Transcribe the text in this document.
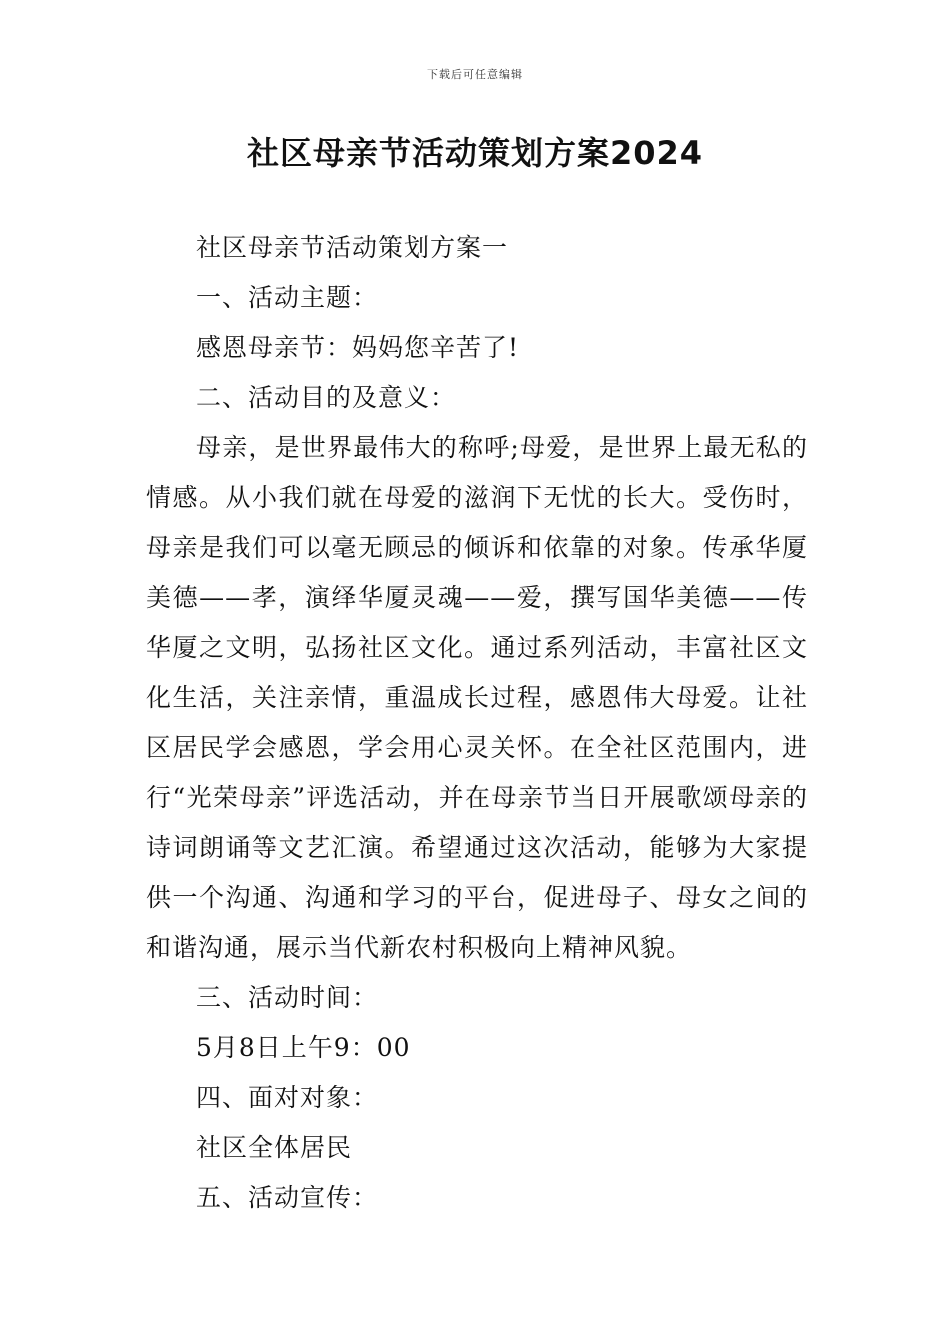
下载后可任意编辑
社区母亲节活动策划方案2024
社区母亲节活动策划方案一
一、活动主题：
感恩母亲节：妈妈您辛苦了!
二、活动目的及意义：

母亲，是世界最伟大的称呼;母爱，是世界上最无私的情感。从小我们就在母爱的滋润下无忧的长大。受伤时，母亲是我们可以毫无顾忌的倾诉和依靠的对象。传承华厦美德——孝，演绎华厦灵魂——爱，撰写国华美德——传华厦之文明，弘扬社区文化。通过系列活动，丰富社区文化生活，关注亲情，重温成长过程，感恩伟大母爱。让社区居民学会感恩，学会用心灵关怀。在全社区范围内，进行“光荣母亲”评选活动，并在母亲节当日开展歌颂母亲的诗词朗诵等文艺汇演。希望通过这次活动，能够为大家提供一个沟通、沟通和学习的平台，促进母子、母女之间的和谐沟通，展示当代新农村积极向上精神风貌。

三、活动时间：
5月8日上午9：00
四、面对对象：
社区全体居民
五、活动宣传：
